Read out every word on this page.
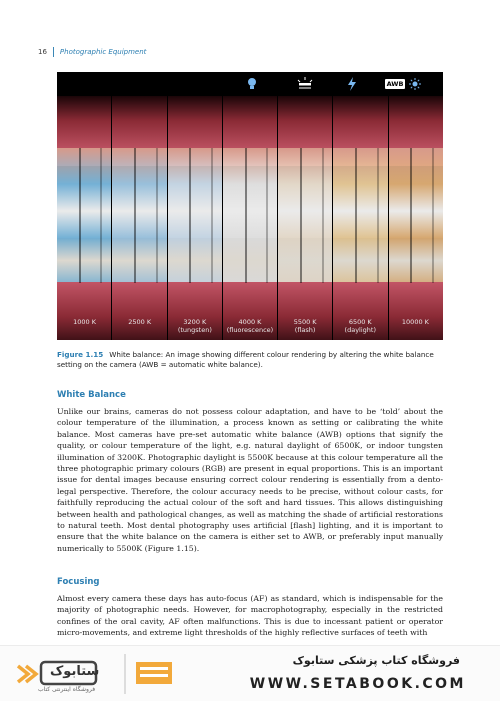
16	Photographic Equipment
AWB
1000 K	2500 K	3200 K
(tungsten)
4000 K
(fluorescence)
5500 K
(flash)
6500 K
(daylight)
10000 K
Figure 1.15 White balance: An image showing different colour rendering by altering the white balance setting on the camera (AWB = automatic white balance).
White Balance

Unlike our brains, cameras do not possess colour adaptation, and have to be ‘told’ about the colour temperature of the illumination, a process known as setting or calibrating the white balance. Most cameras have pre-set automatic white balance (AWB) options that signify the quality, or colour temperature of the light, e.g. natural daylight of 6500K, or indoor tungsten illumination of 3200K. Photographic daylight is 5500K because at this colour temperature all the three photographic primary colours (RGB) are present in equal proportions. This is an important issue for dental images because ensuring correct colour rendering is essentially from a dento-legal perspective. Therefore, the colour accuracy needs to be precise, without colour casts, for faithfully reproducing the actual colour of the soft and hard tissues. This allows distinguishing between health and pathological changes, as well as matching the shade of artificial restorations to natural teeth. Most dental photography uses artificial [flash] lighting, and it is important to ensure that the white balance on the camera is either set to AWB, or preferably input manually numerically to 5500K (Figure 1.15).

Focusing

Almost every camera these days has auto-focus (AF) as standard, which is indispensable for the majority of photographic needs. However, for macrophotography, especially in the restricted confines of the oral cavity, AF often malfunctions. This is due to incessant patient or operator micro-movements, and extreme light thresholds of the highly reflective surfaces of teeth with

ستابوک
فروشگاه اینترنتی کتاب
فروشگاه کتاب پزشکی ستابوک
WWW.SETABOOK.COM
